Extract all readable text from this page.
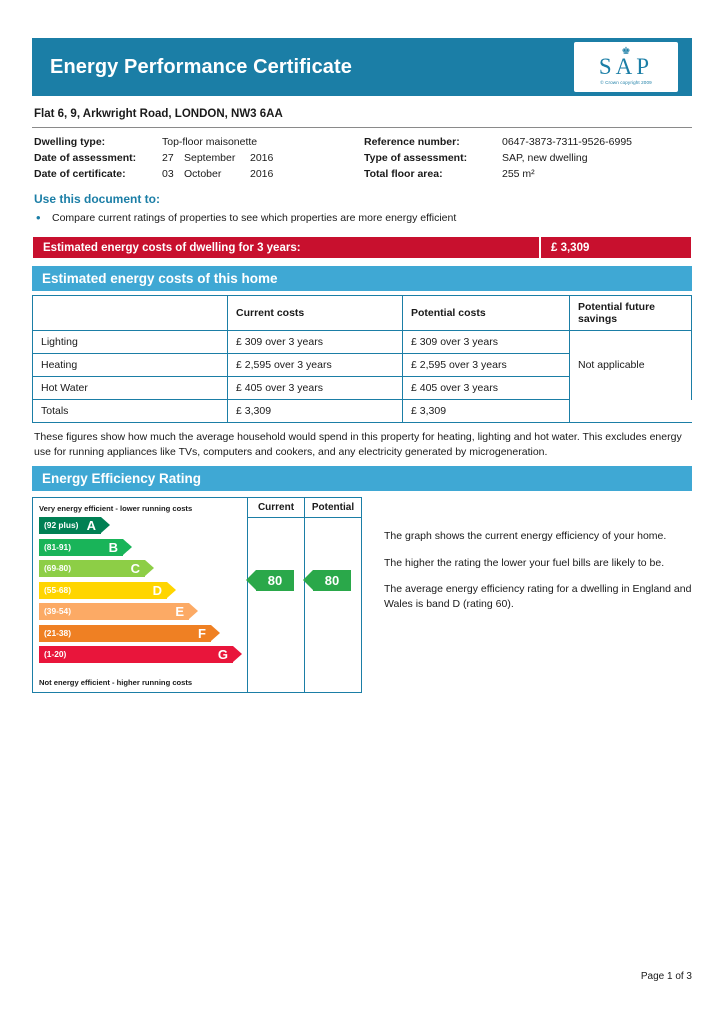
Energy Performance Certificate
♚
SAP
© Crown copyright 2009
Flat 6, 9, Arkwright Road, LONDON, NW3 6AA
Dwelling type:	Top-floor maisonette	Reference number:	0647-3873-7311-9526-6995
Date of assessment:	27 September 2016	Type of assessment:	SAP, new dwelling
Date of certificate:	03 October	2016	Total floor area:	255 m²
Use this document to:
•	Compare current ratings of properties to see which properties are more energy efficient
Estimated energy costs of dwelling for 3 years:	£ 3,309
Estimated energy costs of this home
	Current costs	Potential costs	Potential future savings
Lighting	£ 309 over 3 years	£ 309 over 3 years	Not applicable
Heating	£ 2,595 over 3 years	£ 2,595 over 3 years	
Hot Water	£ 405 over 3 years	£ 405 over 3 years	
Totals	£ 3,309	£ 3,309	
These figures show how much the average household would spend in this property for heating, lighting and hot water. This excludes energy use for running appliances like TVs, computers and cookers, and any electricity generated by microgeneration.
Energy Efficiency Rating
Very energy efficient - lower running costs
(92 plus) A
(81-91)	B
(69-80)	C
(55-68)	D
(39-54)	E
(21-38)	F
(1-20)	G
Not energy efficient - higher running costs
Current	Potential
80	80

The graph shows the current energy efficiency of your home.

The higher the rating the lower your fuel bills are likely to be.

The average energy efficiency rating for a dwelling in England and Wales is band D (rating 60).

Page 1 of 3
